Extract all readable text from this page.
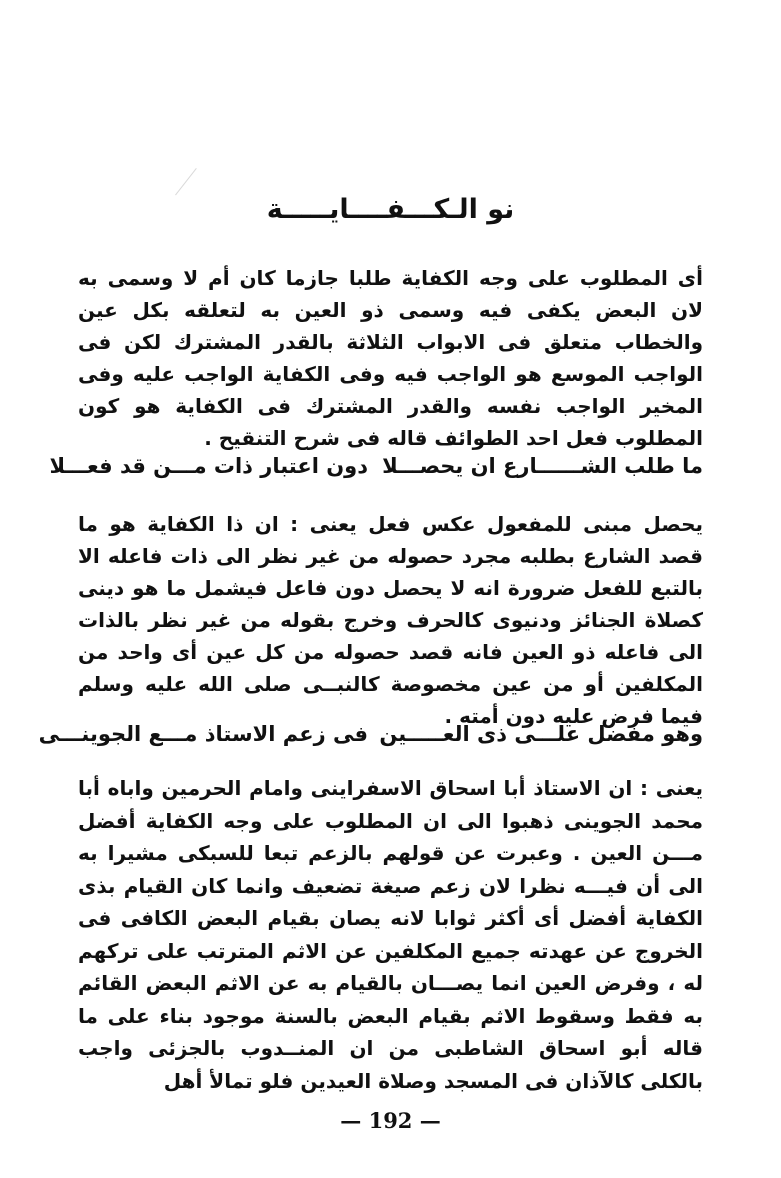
نو الـكـــفــــايـــــة

أى المطلوب على وجه الكفاية طلبا جازما كان أم لا وسمى به لان البعض يكفى فيه وسمى ذو العين به لتعلقه بكل عين والخطاب متعلق فى الابواب الثلاثة بالقدر المشترك لكن فى الواجب الموسع هو الواجب فيه وفى الكفاية الواجب عليه وفى المخير الواجب نفسه والقدر المشترك فى الكفاية هو كون المطلوب فعل احد الطوائف قاله فى شرح التنقيح .

ما طلب الشــــــارع ان يحصـــلا
دون اعتبار ذات مـــن قد فعـــلا

يحصل مبنى للمفعول عكس فعل يعنى : ان ذا الكفاية هو ما قصد الشارع بطلبه مجرد حصوله من غير نظر الى ذات فاعله الا بالتبع للفعل ضرورة انه لا يحصل دون فاعل فيشمل ما هو دينى كصلاة الجنائز ودنيوى كالحرف وخرج بقوله من غير نظر بالذات الى فاعله ذو العين فانه قصد حصوله من كل عين أى واحد من المكلفين أو من عين مخصوصة كالنبــى صلى الله عليه وسلم فيما فرض عليه دون أمته .

وهو مفضل علـــى ذى العـــــين
فى زعم الاستاذ مـــع الجوينـــى

يعنى : ان الاستاذ أبا اسحاق الاسفراينى وامام الحرمين واباه أبا محمد الجوينى ذهبوا الى ان المطلوب على وجه الكفاية أفضل مـــن العين . وعبرت عن قولهم بالزعم تبعا للسبكى مشيرا به الى أن فيـــه نظرا لان زعم صيغة تضعيف وانما كان القيام بذى الكفاية أفضل أى أكثر ثوابا لانه يصان بقيام البعض الكافى فى الخروج عن عهدته جميع المكلفين عن الاثم المترتب على تركهم له ، وفرض العين انما يصـــان بالقيام به عن الاثم البعض القائم به فقط وسقوط الاثم بقيام البعض بالسنة موجود بناء على ما قاله أبو اسحاق الشاطبى من ان المنــدوب بالجزئى واجب بالكلى كالآذان فى المسجد وصلاة العيدين فلو تمالأ أهل

— 192 —
